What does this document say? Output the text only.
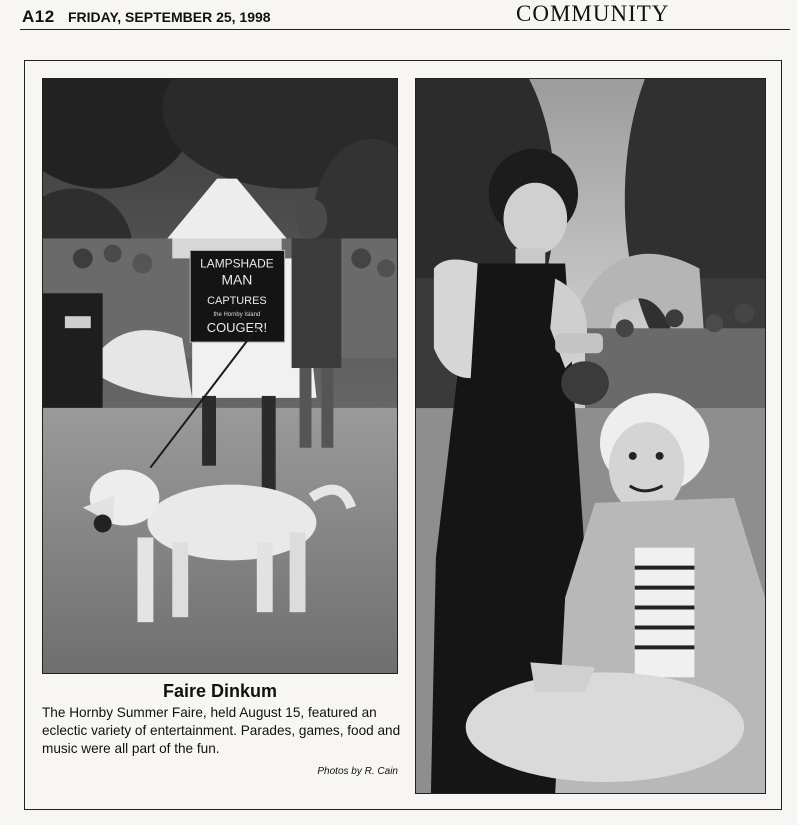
A12 FRIDAY, SEPTEMBER 25, 1998	COMMUNITY
LAMPSHADE
MAN
CAPTURES
the Hornby Island
COUGER!
Faire Dinkum
The Hornby Summer Faire, held August 15, featured an eclectic variety of entertainment. Parades, games, food and music were all part of the fun.
Photos by R. Cain
